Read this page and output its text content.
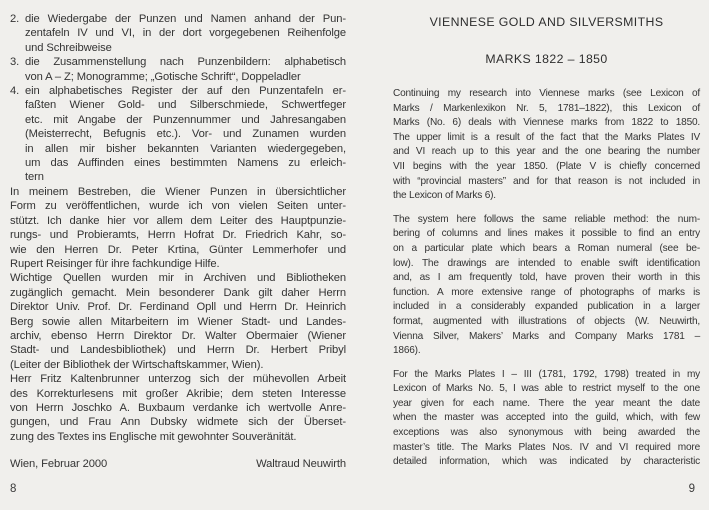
2. die Wiedergabe der Punzen und Namen anhand der Pun-
zentafeln IV und VI, in der dort vorgegebenen Reihenfolge
und Schreibweise
3. die Zusammenstellung nach Punzenbildern: alphabetisch
von A – Z; Monogramme; „Gotische Schrift“, Doppeladler
4. ein alphabetisches Register der auf den Punzentafeln er-
faßten Wiener Gold- und Silberschmiede, Schwertfeger
etc. mit Angabe der Punzennummer und Jahresangaben
(Meisterrecht, Befugnis etc.). Vor- und Zunamen wurden
in allen mir bisher bekannten Varianten wiedergegeben,
um das Auffinden eines bestimmten Namens zu erleich-
tern
In meinem Bestreben, die Wiener Punzen in übersichtlicher
Form zu veröffentlichen, wurde ich von vielen Seiten unter-
stützt. Ich danke hier vor allem dem Leiter des Hauptpunzie-
rungs- und Probieramts, Herrn Hofrat Dr. Friedrich Kahr, so-
wie den Herren Dr. Peter Krtina, Günter Lemmerhofer und
Rupert Reisinger für ihre fachkundige Hilfe.
Wichtige Quellen wurden mir in Archiven und Bibliotheken
zugänglich gemacht. Mein besonderer Dank gilt daher Herrn
Direktor Univ. Prof. Dr. Ferdinand Opll und Herrn Dr. Heinrich
Berg sowie allen Mitarbeitern im Wiener Stadt- und Landes-
archiv, ebenso Herrn Direktor Dr. Walter Obermaier (Wiener
Stadt- und Landesbibliothek) und Herrn Dr. Herbert Pribyl
(Leiter der Bibliothek der Wirtschaftskammer, Wien).
Herr Fritz Kaltenbrunner unterzog sich der mühevollen Arbeit
des Korrekturlesens mit großer Akribie; dem steten Interesse
von Herrn Joschko A. Buxbaum verdanke ich wertvolle Anre-
gungen, und Frau Ann Dubsky widmete sich der Überset-
zung des Textes ins Englische mit gewohnter Souveränität.
Wien, Februar 2000	Waltraud Neuwirth
VIENNESE GOLD AND SILVERSMITHS
MARKS 1822 – 1850
Continuing my research into Viennese marks (see Lexicon of
Marks / Markenlexikon Nr. 5, 1781–1822), this Lexicon of
Marks (No. 6) deals with Viennese marks from 1822 to 1850.
The upper limit is a result of the fact that the Marks Plates IV
and VI reach up to this year and the one bearing the number
VII begins with the year 1850. (Plate V is chiefly concerned
with “provincial masters” and for that reason is not included in
the Lexicon of Marks 6).
The system here follows the same reliable method: the num-
bering of columns and lines makes it possible to find an entry
on a particular plate which bears a Roman numeral (see be-
low). The drawings are intended to enable swift identification
and, as I am frequently told, have proven their worth in this
function. A more extensive range of photographs of marks is
included in a considerably expanded publication in a larger
format, augmented with illustrations of objects (W. Neuwirth,
Vienna Silver, Makers’ Marks and Company Marks 1781 –
1866).
For the Marks Plates I – III (1781, 1792, 1798) treated in my
Lexicon of Marks No. 5, I was able to restrict myself to the one
year given for each name. There the year meant the date
when the master was accepted into the guild, which, with few
exceptions was also synonymous with being awarded the
master’s title. The Marks Plates Nos. IV and VI required more
detailed information, which was indicated by characteristic
8	9
